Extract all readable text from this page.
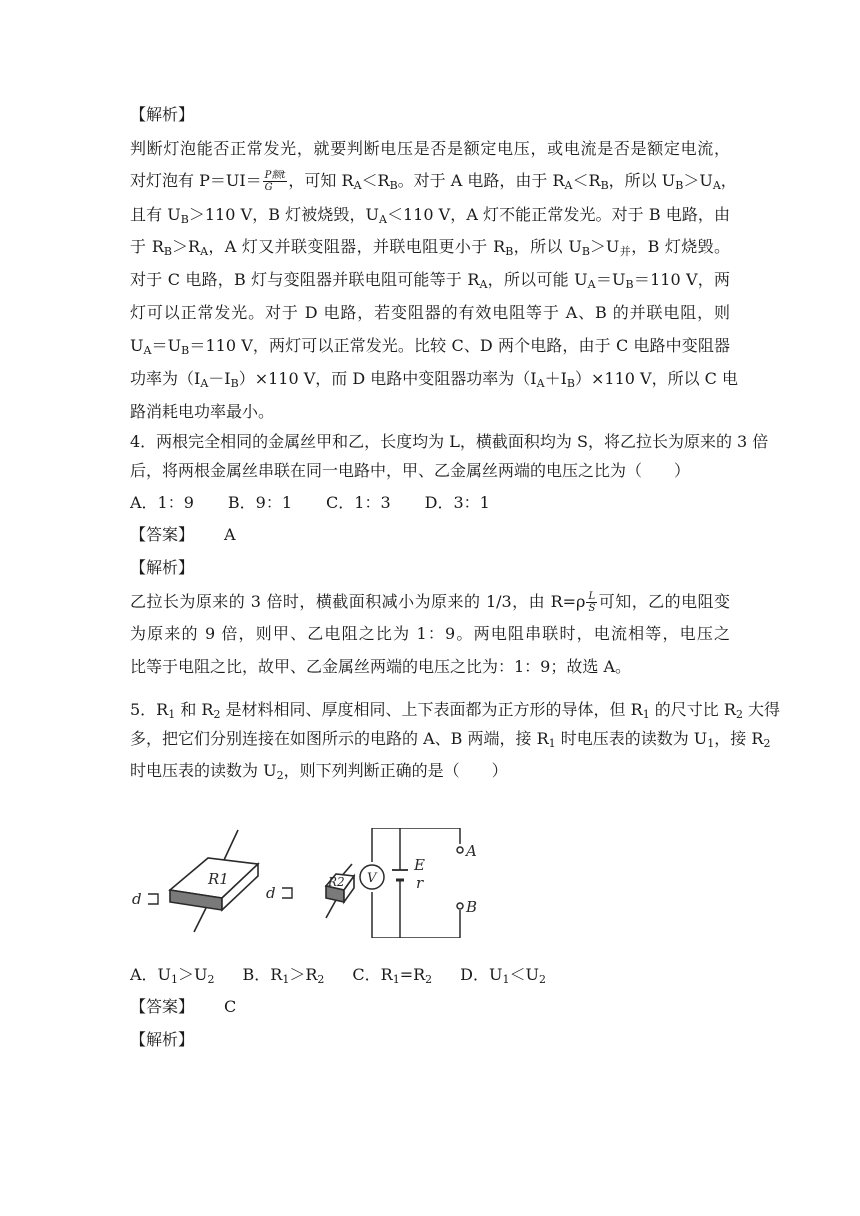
【解析】
判断灯泡能否正常发光，就要判断电压是否是额定电压，或电流是否是额定电流，
对灯泡有 $P=UI= \frac{\text{P额t}}{G}$ ，可知 $R_A<R_B$。对于 A 电路，由于 $R_A<R_B$，所以 $U_B>U_A$，
且有 $U_B>110$ V，B 灯被烧毁，$U_A<110$ V，A 灯不能正常发光。对于 B 电路，由
于 $R_B>R_A$，A 灯又并联变阻器，并联电阻更小于 $R_B$，所以 $U_B>U_并$，B 灯烧毁。
对于 C 电路，B 灯与变阻器并联电阻可能等于 $R_A$，所以可能 $U_A=U_B=110$ V，两
灯可以正常发光。对于 D 电路，若变阻器的有效电阻等于 A、B 的并联电阻，则
$U_A=U_B=110$ V，两灯可以正常发光。比较 C、D 两个电路，由于 C 电路中变阻器
功率为$(I_A-I_B)\times 110$ V，而 D 电路中变阻器功率为$(I_A+I_B)\times 110$ V，所以 C 电
路消耗电功率最小。
4．两根完全相同的金属丝甲和乙，长度均为 L，横截面积均为 S，将乙拉长为原来的 3 倍
后，将两根金属丝串联在同一电路中，甲、乙金属丝两端的电压之比为（　　）
A．1：9 B．9：1 C．1：3 D．3：1
【答案】 A
【解析】
乙拉长为原来的 3 倍时，横截面积减小为原来的 1/3，由 $R=\rho \frac{L}{S}$ 可知，乙的电阻变
为原来的 9 倍，则甲、乙电阻之比为 1：9。两电阻串联时，电流相等，电压之
比等于电阻之比，故甲、乙金属丝两端的电压之比为：1：9；故选 A。
5．$R_1$ 和 $R_2$ 是材料相同、厚度相同、上下表面都为正方形的导体，但 $R_1$ 的尺寸比 $R_2$ 大得
多，把它们分别连接在如图所示的电路的 A、B 两端，接 $R_1$ 时电压表的读数为 $U_1$，接 $R_2$
时电压表的读数为 $U_2$，则下列判断正确的是（　　）
R1
d
R2
d
V
E
r
A
B
A．$U_1>U_2$ B．$R_1>R_2$ C．$R_1=R_2$ D．$U_1<U_2$
【答案】 C
【解析】
